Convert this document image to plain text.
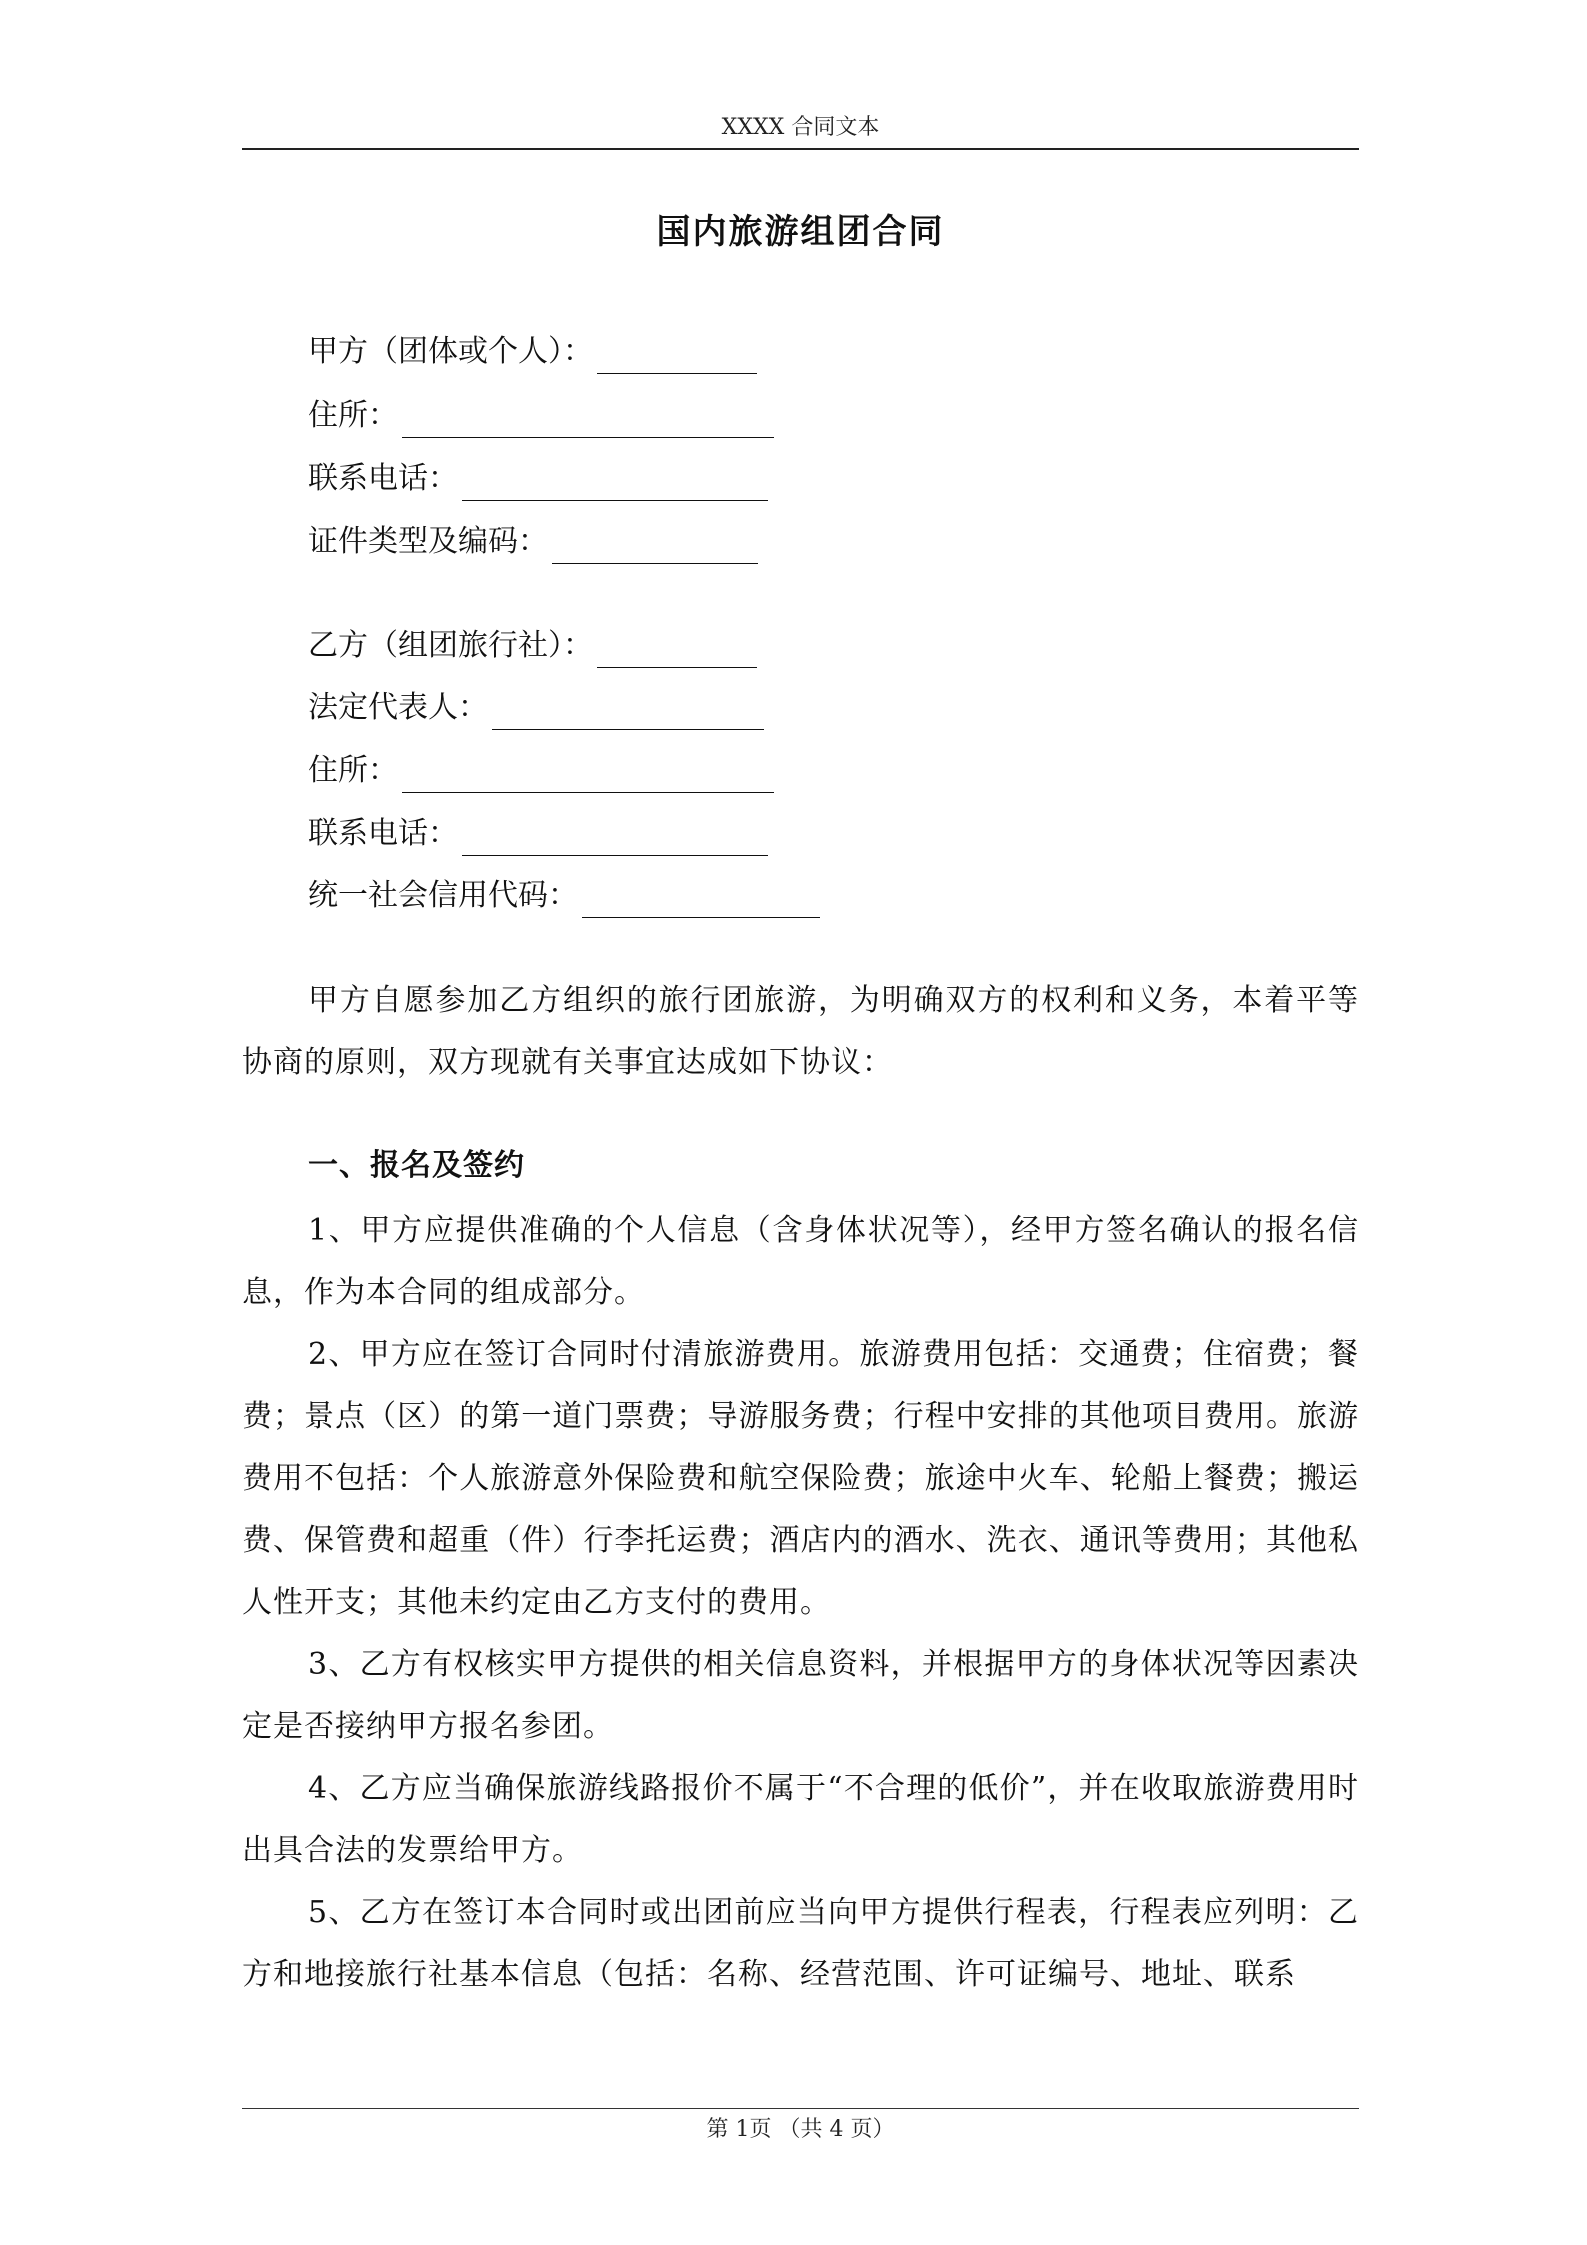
XXXX 合同文本
国内旅游组团合同
甲方（团体或个人）：
住所：
联系电话：
证件类型及编码：
乙方（组团旅行社）：
法定代表人：
住所：
联系电话：
统一社会信用代码：

甲方自愿参加乙方组织的旅行团旅游，为明确双方的权利和义务，本着平等协商的原则，双方现就有关事宜达成如下协议：

一、报名及签约

1、甲方应提供准确的个人信息（含身体状况等），经甲方签名确认的报名信息，作为本合同的组成部分。

2、甲方应在签订合同时付清旅游费用。旅游费用包括：交通费；住宿费；餐费；景点（区）的第一道门票费；导游服务费；行程中安排的其他项目费用。旅游费用不包括：个人旅游意外保险费和航空保险费；旅途中火车、轮船上餐费；搬运费、保管费和超重（件）行李托运费；酒店内的酒水、洗衣、通讯等费用；其他私人性开支；其他未约定由乙方支付的费用。

3、乙方有权核实甲方提供的相关信息资料，并根据甲方的身体状况等因素决定是否接纳甲方报名参团。

4、乙方应当确保旅游线路报价不属于“不合理的低价”，并在收取旅游费用时出具合法的发票给甲方。

5、乙方在签订本合同时或出团前应当向甲方提供行程表，行程表应列明：乙方和地接旅行社基本信息（包括：名称、经营范围、许可证编号、地址、联系

第 1页 （共 4 页）
